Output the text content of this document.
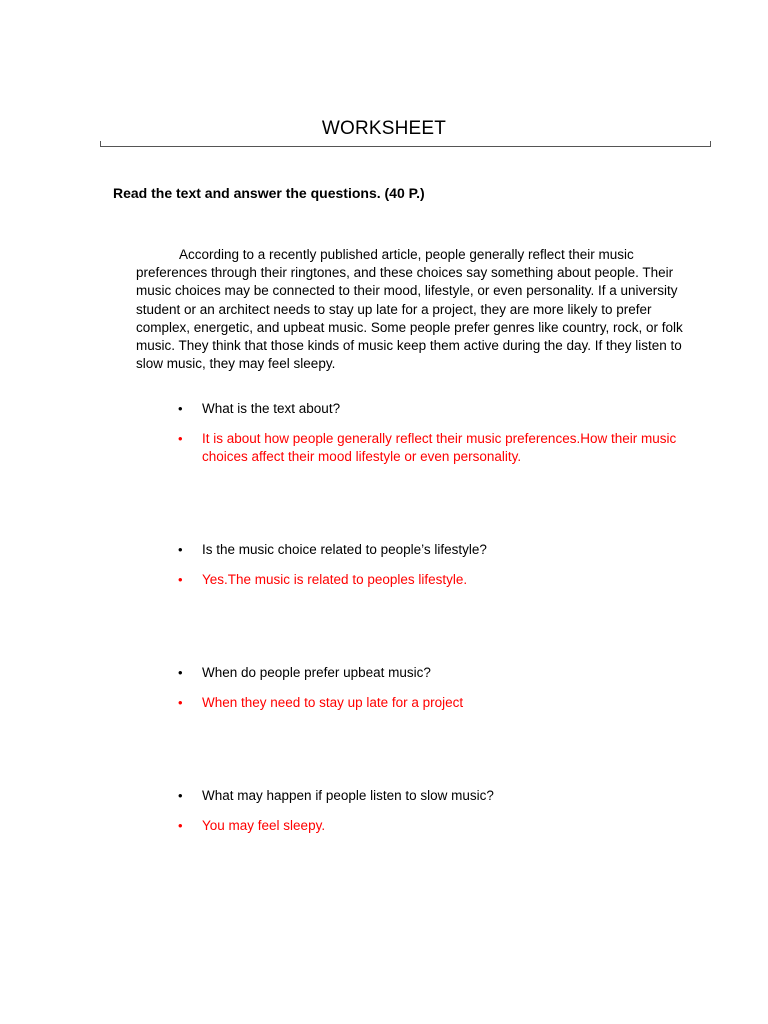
WORKSHEET
Read the text and answer the questions. (40 P.)
According to a recently published article, people generally reflect their music preferences through their ringtones, and these choices say something about people. Their music choices may be connected to their mood, lifestyle, or even personality. If a university student or an architect needs to stay up late for a project, they are more likely to prefer complex, energetic, and upbeat music. Some people prefer genres like country, rock, or folk music. They think that those kinds of music keep them active during the day. If they listen to slow music, they may feel sleepy.
• What is the text about?
• It is about how people generally reflect their music preferences.How their music choices affect their mood lifestyle or even personality.
• Is the music choice related to people’s lifestyle?
• Yes.The music is related to peoples lifestyle.
• When do people prefer upbeat music?
• When they need to stay up late for a project
• What may happen if people listen to slow music?
• You may feel sleepy.
